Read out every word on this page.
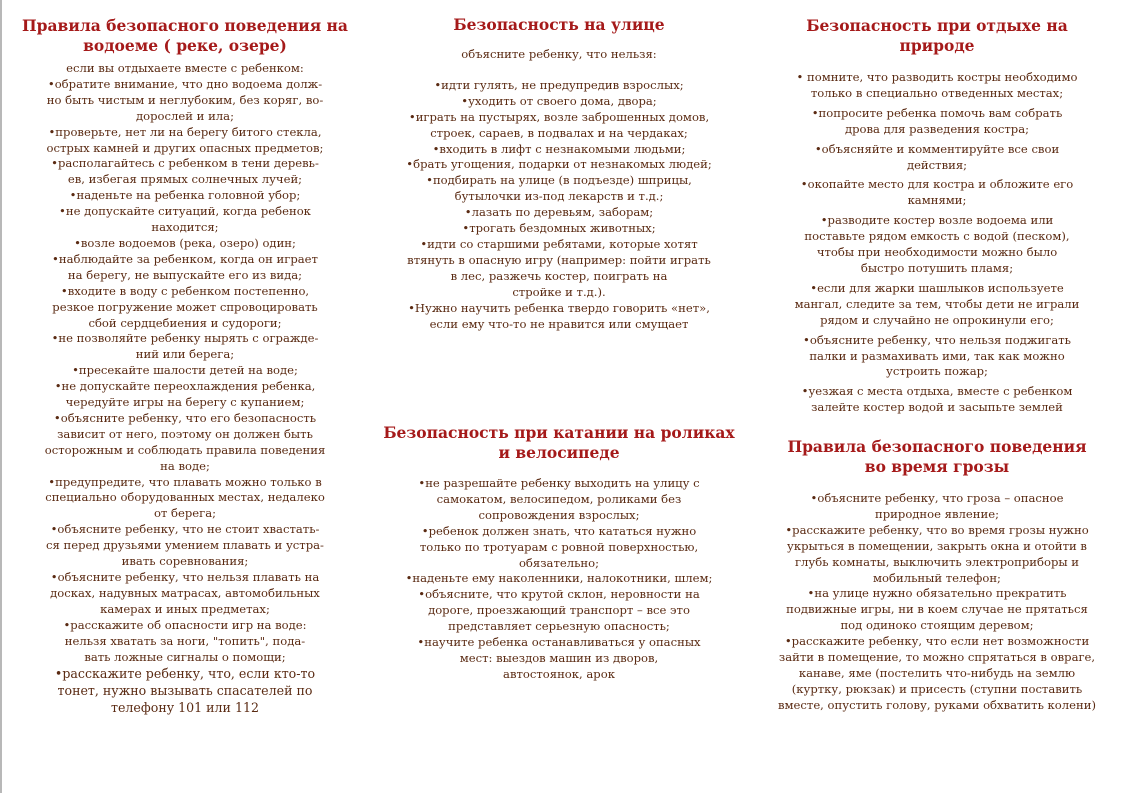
Правила безопасного поведения на
водоеме ( реке, озере)
если вы отдыхаете вместе с ребенком:
•обратите внимание, что дно водоема долж-
но быть чистым и неглубоким, без коряг, во-
дорослей и ила;
•проверьте, нет ли на берегу битого стекла,
острых камней и других опасных предметов;
•располагайтесь с ребенком в тени деревь-
ев, избегая прямых солнечных лучей;
•наденьте на ребенка головной убор;
•не допускайте ситуаций, когда ребенок
находится;
•возле водоемов (река, озеро) один;
•наблюдайте за ребенком, когда он играет
на берегу, не выпускайте его из вида;
•входите в воду с ребенком постепенно,
резкое погружение может спровоцировать
сбой сердцебиения и судороги;
•не позволяйте ребенку нырять с огражде-
ний или берега;
•пресекайте шалости детей на воде;
•не допускайте переохлаждения ребенка,
чередуйте игры на берегу с купанием;
•объясните ребенку, что его безопасность
зависит от него, поэтому он должен быть
осторожным и соблюдать правила поведения
на воде;
•предупредите, что плавать можно только в
специально оборудованных местах, недалеко
от берега;
•объясните ребенку, что не стоит хвастать-
ся перед друзьями умением плавать и устра-
ивать соревнования;
•объясните ребенку, что нельзя плавать на
досках, надувных матрасах, автомобильных
камерах и иных предметах;
•расскажите об опасности игр на воде:
нельзя хватать за ноги, "топить", пода-
вать ложные сигналы о помощи;
•расскажите ребенку, что, если кто-то
тонет, нужно вызывать спасателей по
телефону 101 или 112
Безопасность на улице
объясните ребенку, что нельзя:
•идти гулять, не предупредив взрослых;
•уходить от своего дома, двора;
•играть на пустырях, возле заброшенных домов,
строек, сараев, в подвалах и на чердаках;
•входить в лифт с незнакомыми людьми;
•брать угощения, подарки от незнакомых людей;
•подбирать на улице (в подъезде) шприцы,
бутылочки из-под лекарств и т.д.;
•лазать по деревьям, заборам;
•трогать бездомных животных;
•идти со старшими ребятами, которые хотят
втянуть в опасную игру (например: пойти играть
в лес, разжечь костер, поиграть на
стройке и т.д.).
•Нужно научить ребенка твердо говорить «нет»,
если ему что-то не нравится или смущает
Безопасность при катании на роликах
и велосипеде
•не разрешайте ребенку выходить на улицу с
самокатом, велосипедом, роликами без
сопровождения взрослых;
•ребенок должен знать, что кататься нужно
только по тротуарам с ровной поверхностью,
обязательно;
•наденьте ему наколенники, налокотники, шлем;
•объясните, что крутой склон, неровности на
дороге, проезжающий транспорт – все это
представляет серьезную опасность;
•научите ребенка останавливаться у опасных
мест: выездов машин из дворов,
автостоянок, арок
Безопасность при отдыхе на
природе
• помните, что разводить костры необходимо
только в специально отведенных местах;
•попросите ребенка помочь вам собрать
дрова для разведения костра;
•объясняйте и комментируйте все свои
действия;
•окопайте место для костра и обложите его
камнями;
•разводите костер возле водоема или
поставьте рядом емкость с водой (песком),
чтобы при необходимости можно было
быстро потушить пламя;
•если для жарки шашлыков используете
мангал, следите за тем, чтобы дети не играли
рядом и случайно не опрокинули его;
•объясните ребенку, что нельзя поджигать
палки и размахивать ими, так как можно
устроить пожар;
•уезжая с места отдыха, вместе с ребенком
залейте костер водой и засыпьте землей
Правила безопасного поведения
во время грозы
•объясните ребенку, что гроза – опасное
природное явление;
•расскажите ребенку, что во время грозы нужно
укрыться в помещении, закрыть окна и отойти в
глубь комнаты, выключить электроприборы и
мобильный телефон;
•на улице нужно обязательно прекратить
подвижные игры, ни в коем случае не прятаться
под одиноко стоящим деревом;
•расскажите ребенку, что если нет возможности
зайти в помещение, то можно спрятаться в овраге,
канаве, яме (постелить что-нибудь на землю
(куртку, рюкзак) и присесть (ступни поставить
вместе, опустить голову, руками обхватить колени)
